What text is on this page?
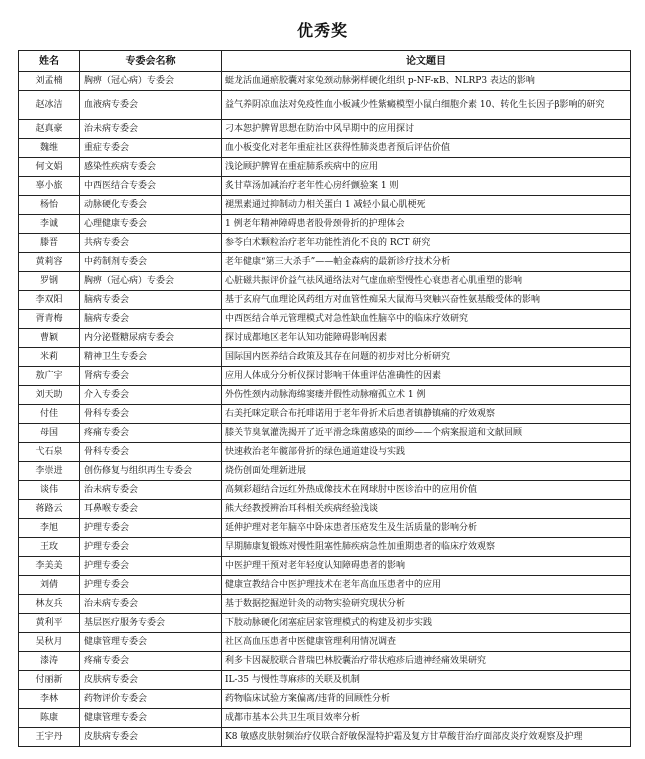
优秀奖
姓名	专委会名称	论文题目
刘孟楠	胸痹（冠心病）专委会	蜓龙活血通瘀胶囊对家兔颈动脉粥样硬化组织 p-NF-κB、NLRP3 表达的影响
赵冰洁	血液病专委会	益气养阴凉血法对免疫性血小板减少性紫癜模型小鼠白细胞介素 10、转化生长因子β影响的研究
赵真豪	治未病专委会	刁本恕护脾胃思想在防治中风早期中的应用探讨
魏维	重症专委会	血小板变化对老年重症社区获得性肺炎患者预后评估价值
何文娟	感染性疾病专委会	浅论顾护脾胃在重症肺系疾病中的应用
辜小旅	中西医结合专委会	炙甘草汤加减治疗老年性心房纤颤验案 1 则
杨怡	动脉硬化专委会	褪黑素通过抑制动力相关蛋白 1 减轻小鼠心肌梗死
李诚	心理健康专委会	1 例老年精神障碍患者股骨颈骨折的护理体会
滕晋	共病专委会	参苓白术颗粒治疗老年功能性消化不良的 RCT 研究
黄莉容	中药制剂专委会	老年健康“第三大杀手”——帕金森病的最新诊疗技术分析
罗钢	胸痹（冠心病）专委会	心脏磁共振评价益气祛风通络法对气虚血瘀型慢性心衰患者心肌重塑的影响
李双阳	脑病专委会	基于玄府气血理论风药组方对血管性痴呆大鼠海马突触兴奋性氨基酸受体的影响
胥青梅	脑病专委会	中西医结合单元管理模式对急性缺血性脑卒中的临床疗效研究
曹颖	内分泌暨糖尿病专委会	探讨成都地区老年认知功能障碍影响因素
米莉	精神卫生专委会	国际国内医养结合政策及其存在问题的初步对比分析研究
敖广宇	肾病专委会	应用人体成分分析仪探讨影响干体重评估准确性的因素
刘天助	介入专委会	外伤性颈内动脉海绵窦瘘并假性动脉瘤孤立术 1 例
付佳	骨科专委会	右美托咪定联合布托啡诺用于老年骨折术后患者镇静镇痛的疗效观察
母国	疼痛专委会	膝关节臭氧灌洗揭开了近平滑念珠菌感染的面纱——个病案报道和文献回顾
弋石泉	骨科专委会	快速救治老年髋部骨折的绿色通道建设与实践
李崇进	创伤修复与组织再生专委会	烧伤创面处理新进展
谈伟	治未病专委会	高频彩超结合远红外热成像技术在网球肘中医诊治中的应用价值
蒋路云	耳鼻喉专委会	熊大经教授辨治耳科相关疾病经验浅谈
李旭	护理专委会	延伸护理对老年脑卒中卧床患者压疮发生及生活质量的影响分析
王玫	护理专委会	早期肺康复锻炼对慢性阻塞性肺疾病急性加重期患者的临床疗效观察
李美美	护理专委会	中医护理干预对老年轻度认知障碍患者的影响
刘倩	护理专委会	健康宣教结合中医护理技术在老年高血压患者中的应用
林友兵	治未病专委会	基于数据挖掘逆针灸的动物实验研究现状分析
黄利平	基层医疗服务专委会	下肢动脉硬化闭塞症居家管理模式的构建及初步实践
吴秋月	健康管理专委会	社区高血压患者中医健康管理利用情况调查
漆涛	疼痛专委会	利多卡因凝胶联合普瑞巴林胶囊治疗带状疱疹后遗神经痛效果研究
付丽新	皮肤病专委会	IL-35 与慢性荨麻疹的关联及机制
李林	药物评价专委会	药物临床试验方案偏离/违背的回顾性分析
陈康	健康管理专委会	成都市基本公共卫生项目效率分析
王宇丹	皮肤病专委会	K8 敏感皮肤射频治疗仪联合舒敏保湿特护霜及复方甘草酸苷治疗面部皮炎疗效观察及护理
